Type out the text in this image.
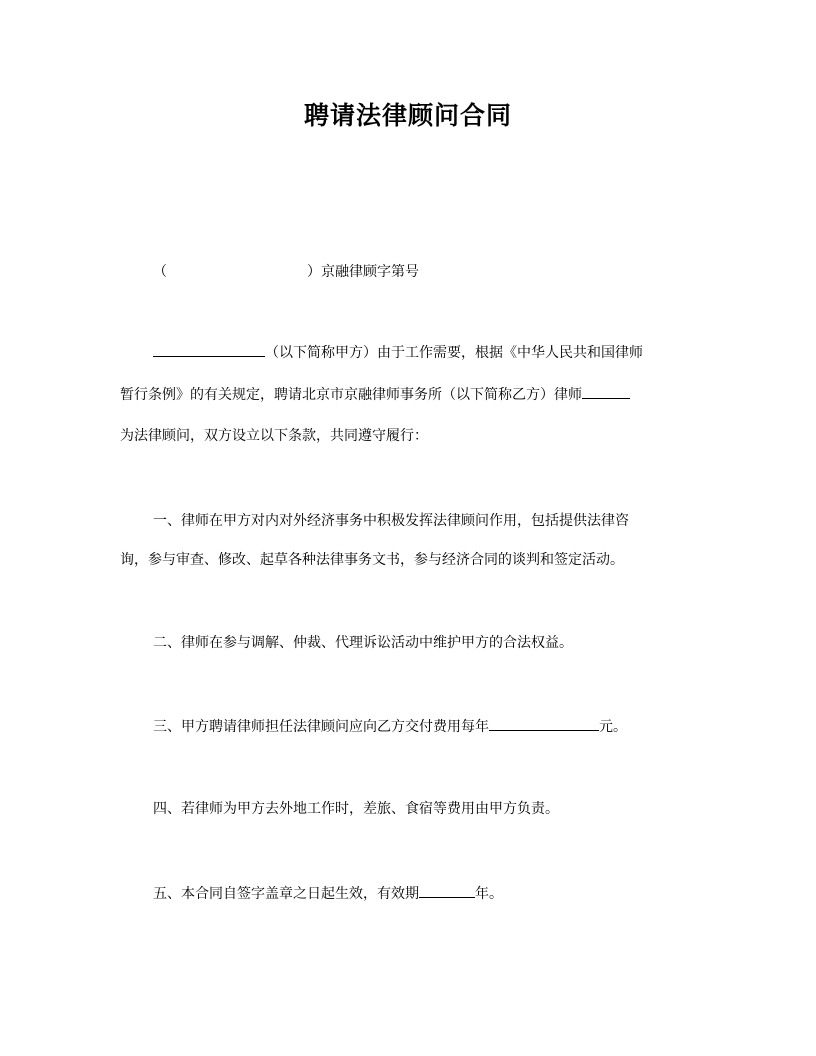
聘请法律顾问合同
（	）京融律顾字第号
（以下简称甲方）由于工作需要，根据《中华人民共和国律师
暂行条例》的有关规定，聘请北京市京融律师事务所（以下简称乙方）律师
为法律顾问，双方设立以下条款，共同遵守履行：
一、律师在甲方对内对外经济事务中积极发挥法律顾问作用，包括提供法律咨
询，参与审查、修改、起草各种法律事务文书，参与经济合同的谈判和签定活动。
二、律师在参与调解、仲裁、代理诉讼活动中维护甲方的合法权益。
三、甲方聘请律师担任法律顾问应向乙方交付费用每年	元。
四、若律师为甲方去外地工作时，差旅、食宿等费用由甲方负责。
五、本合同自签字盖章之日起生效，有效期	年。
